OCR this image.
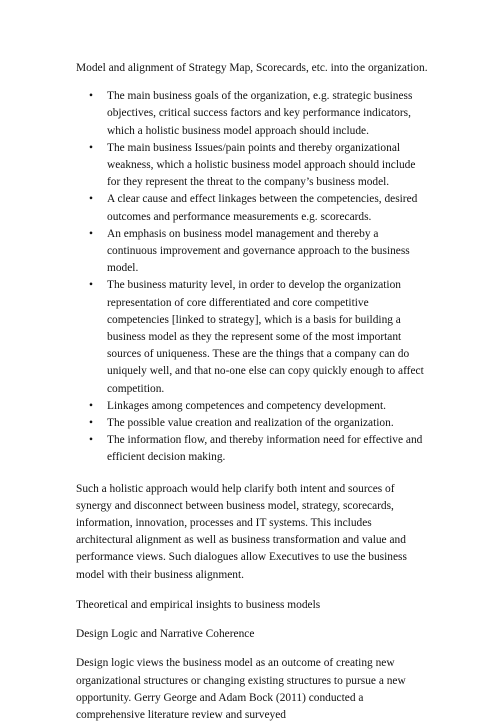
Model and alignment of Strategy Map, Scorecards, etc. into the organization.

• The main business goals of the organization, e.g. strategic business objectives, critical success factors and key performance indicators, which a holistic business model approach should include.
• The main business Issues/pain points and thereby organizational weakness, which a holistic business model approach should include for they represent the threat to the company’s business model.
• A clear cause and effect linkages between the competencies, desired outcomes and performance measurements e.g. scorecards.
• An emphasis on business model management and thereby a continuous improvement and governance approach to the business model.
• The business maturity level, in order to develop the organization representation of core differentiated and core competitive competencies [linked to strategy], which is a basis for building a business model as they the represent some of the most important sources of uniqueness. These are the things that a company can do uniquely well, and that no-one else can copy quickly enough to affect competition.
• Linkages among competences and competency development.
• The possible value creation and realization of the organization.
• The information flow, and thereby information need for effective and efficient decision making.

Such a holistic approach would help clarify both intent and sources of synergy and disconnect between business model, strategy, scorecards, information, innovation, processes and IT systems. This includes architectural alignment as well as business transformation and value and performance views. Such dialogues allow Executives to use the business model with their business alignment.

Theoretical and empirical insights to business models

Design Logic and Narrative Coherence

Design logic views the business model as an outcome of creating new organizational structures or changing existing structures to pursue a new opportunity. Gerry George and Adam Bock (2011) conducted a comprehensive literature review and surveyed
